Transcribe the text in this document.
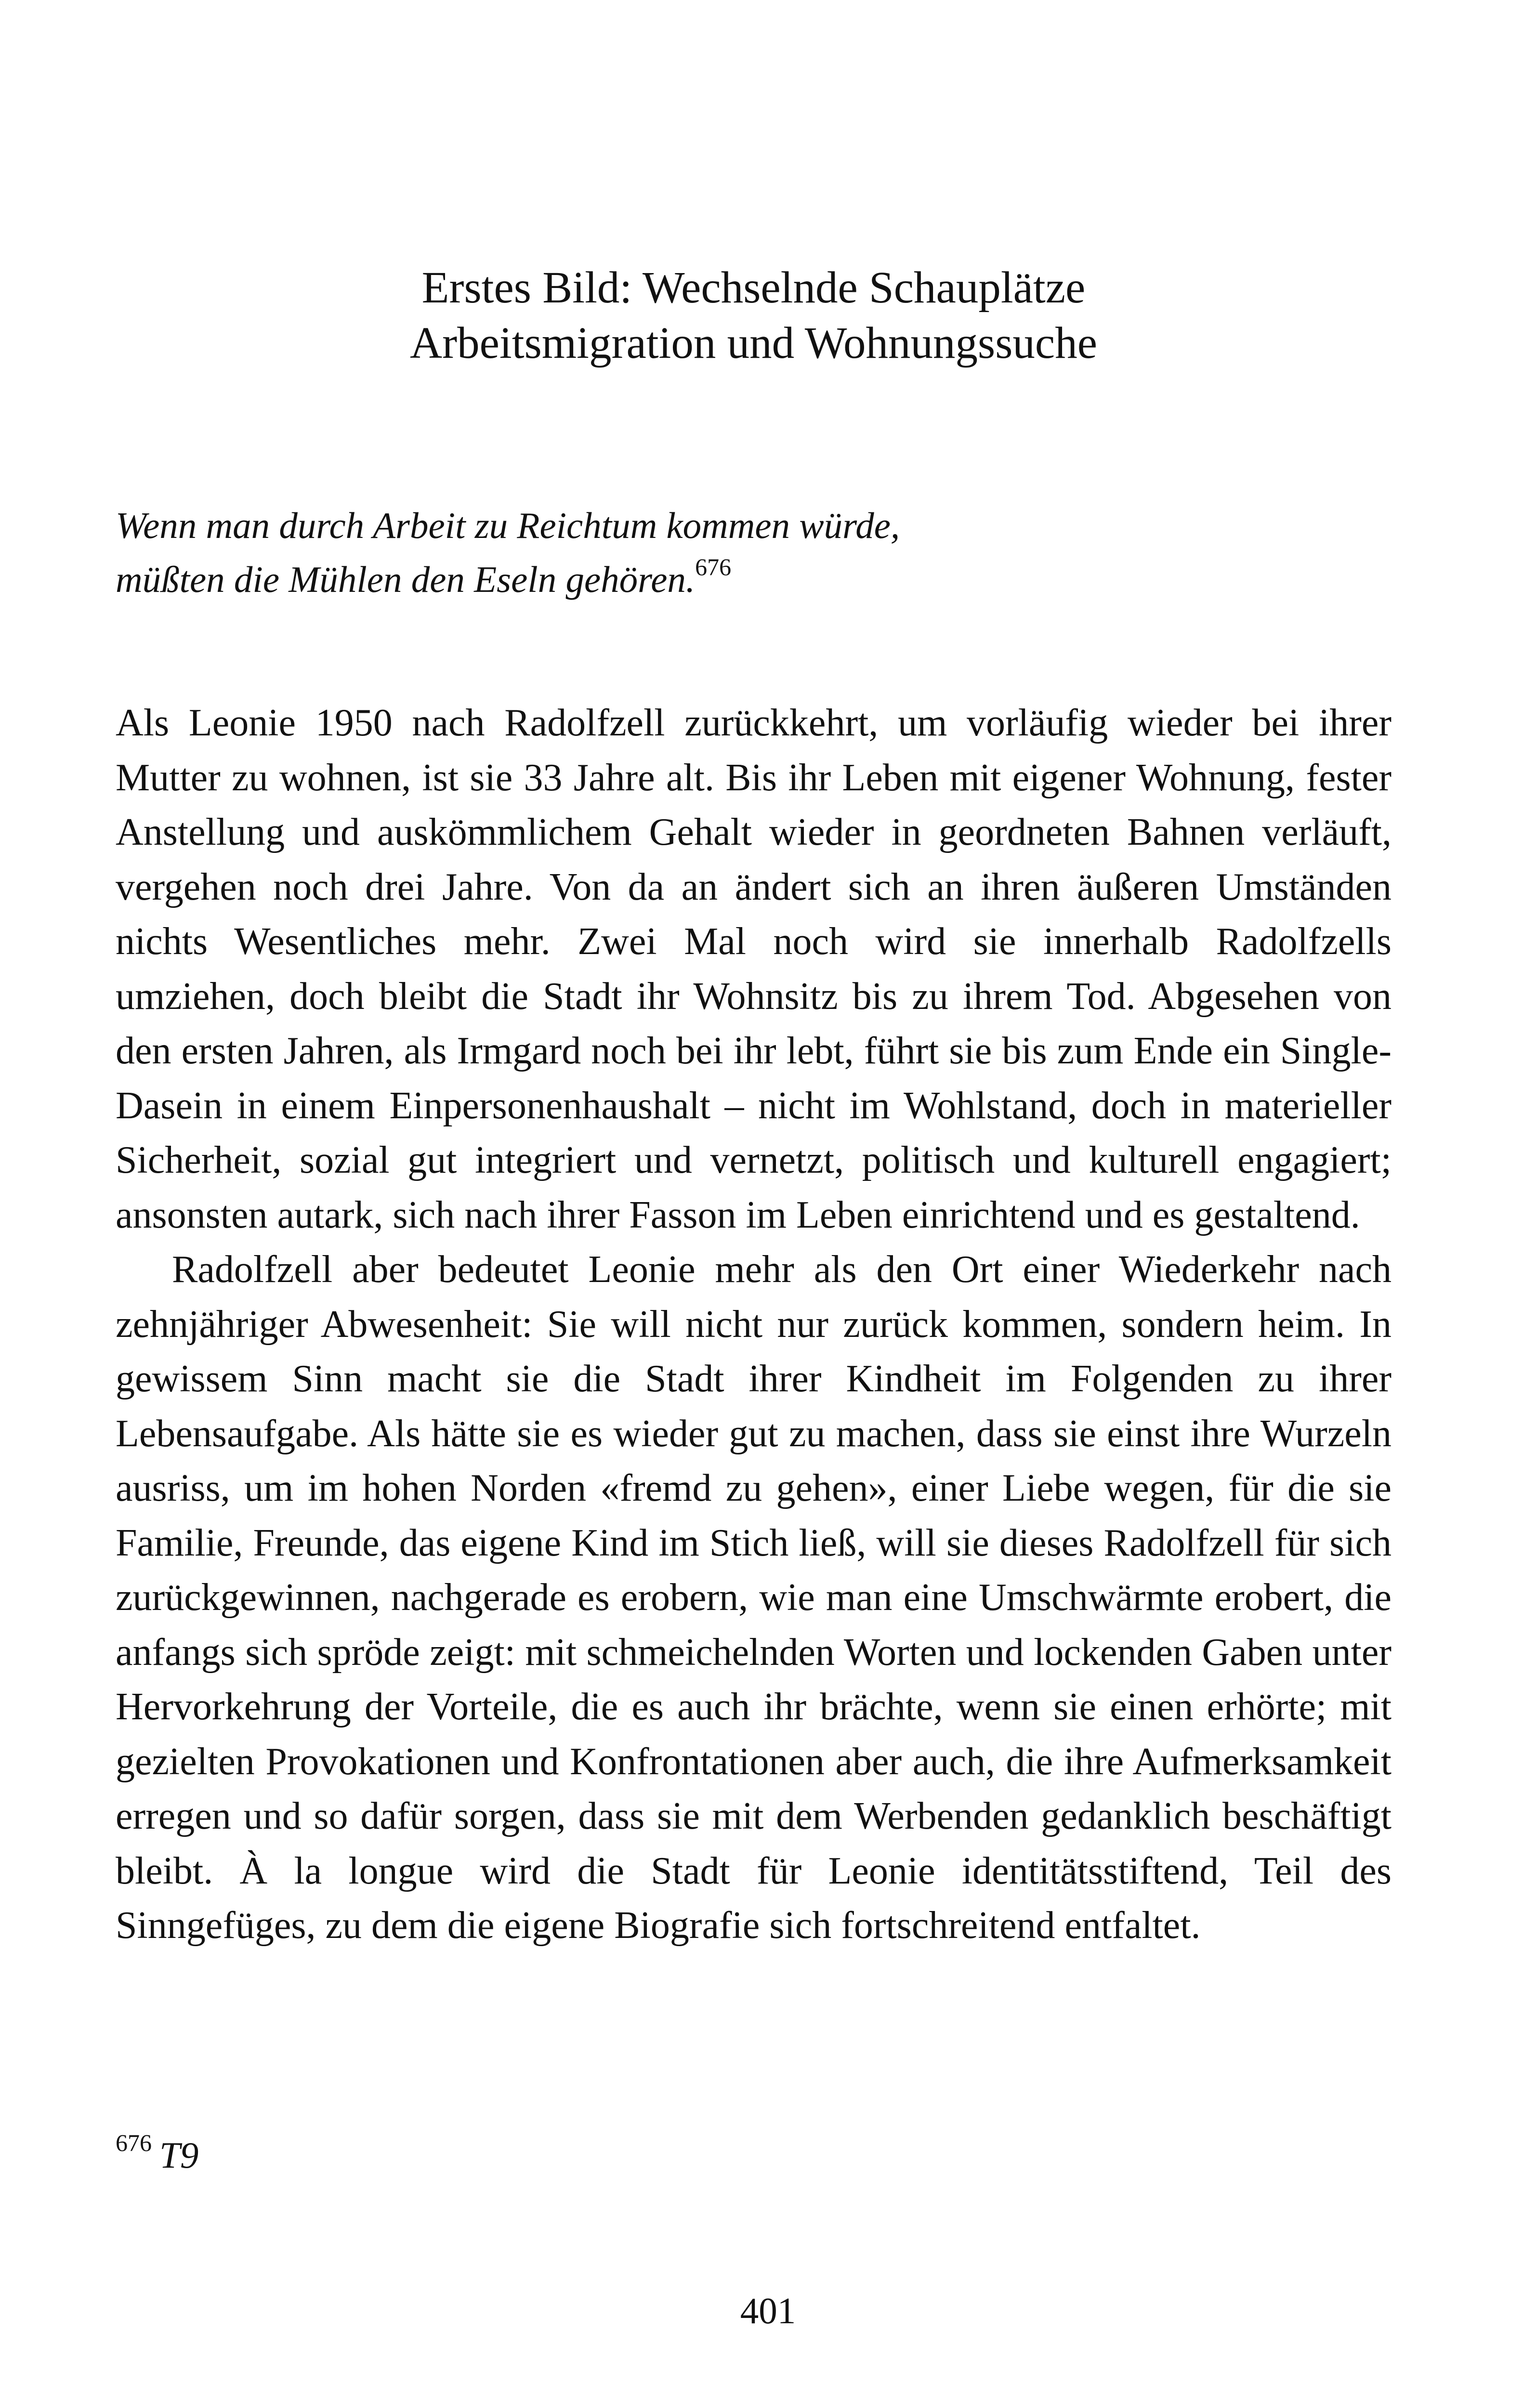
Erstes Bild: Wechselnde Schauplätze
Arbeitsmigration und Wohnungssuche
Wenn man durch Arbeit zu Reichtum kommen würde,
müßten die Mühlen den Eseln gehören.$^{676}$

Als Leonie 1950 nach Radolfzell zurückkehrt, um vorläufig wieder bei ihrer Mutter zu wohnen, ist sie 33 Jahre alt. Bis ihr Leben mit eigener Wohnung, fester Anstellung und auskömmlichem Gehalt wieder in geordneten Bahnen verläuft, vergehen noch drei Jahre. Von da an ändert sich an ihren äußeren Umständen nichts Wesentliches mehr. Zwei Mal noch wird sie innerhalb Radolfzells umziehen, doch bleibt die Stadt ihr Wohnsitz bis zu ihrem Tod. Abgesehen von den ersten Jahren, als Irmgard noch bei ihr lebt, führt sie bis zum Ende ein Single-Dasein in einem Einpersonenhaushalt – nicht im Wohlstand, doch in materieller Sicherheit, sozial gut integriert und vernetzt, politisch und kulturell engagiert; ansonsten autark, sich nach ihrer Fasson im Leben einrichtend und es gestaltend.

Radolfzell aber bedeutet Leonie mehr als den Ort einer Wiederkehr nach zehnjähriger Abwesenheit: Sie will nicht nur zurück kommen, sondern heim. In gewissem Sinn macht sie die Stadt ihrer Kindheit im Folgenden zu ihrer Lebensaufgabe. Als hätte sie es wieder gut zu machen, dass sie einst ihre Wurzeln ausriss, um im hohen Norden «fremd zu gehen», einer Liebe wegen, für die sie Familie, Freunde, das eigene Kind im Stich ließ, will sie dieses Radolfzell für sich zurückgewinnen, nachgerade es erobern, wie man eine Umschwärmte erobert, die anfangs sich spröde zeigt: mit schmeichelnden Worten und lockenden Gaben unter Hervorkehrung der Vorteile, die es auch ihr brächte, wenn sie einen erhörte; mit gezielten Provokationen und Konfrontationen aber auch, die ihre Aufmerksamkeit erregen und so dafür sorgen, dass sie mit dem Werbenden gedanklich beschäftigt bleibt. À la longue wird die Stadt für Leonie identitätsstiftend, Teil des Sinngefüges, zu dem die eigene Biografie sich fortschreitend entfaltet.

$^{676}$ T9
401
